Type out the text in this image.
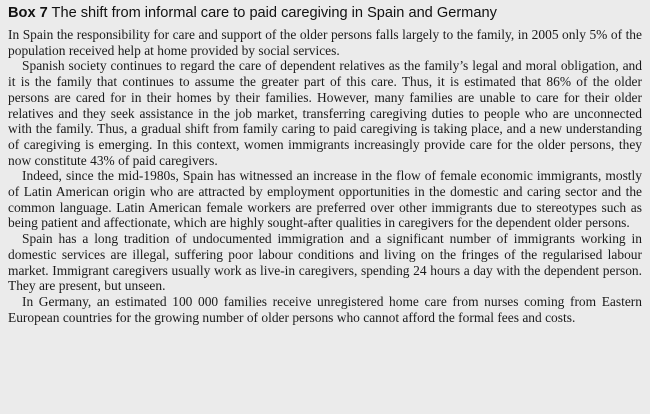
Box 7 The shift from informal care to paid caregiving in Spain and Germany

In Spain the responsibility for care and support of the older persons falls largely to the family, in 2005 only 5% of the population received help at home provided by social services.

Spanish society continues to regard the care of dependent relatives as the family’s legal and moral obligation, and it is the family that continues to assume the greater part of this care. Thus, it is estimated that 86% of the older persons are cared for in their homes by their families. However, many families are unable to care for their older relatives and they seek assistance in the job market, transferring caregiving duties to people who are unconnected with the family. Thus, a gradual shift from family caring to paid caregiving is taking place, and a new understanding of caregiving is emerging. In this context, women immigrants increasingly provide care for the older persons, they now constitute 43% of paid caregivers.

Indeed, since the mid-1980s, Spain has witnessed an increase in the flow of female economic immigrants, mostly of Latin American origin who are attracted by employment opportunities in the domestic and caring sector and the common language. Latin American female workers are preferred over other immigrants due to stereotypes such as being patient and affectionate, which are highly sought-after qualities in caregivers for the dependent older persons.

Spain has a long tradition of undocumented immigration and a significant number of immigrants working in domestic services are illegal, suffering poor labour conditions and living on the fringes of the regularised labour market. Immigrant caregivers usually work as live-in caregivers, spending 24 hours a day with the dependent person. They are present, but unseen.

In Germany, an estimated 100 000 families receive unregistered home care from nurses coming from Eastern European countries for the growing number of older persons who cannot afford the formal fees and costs.
